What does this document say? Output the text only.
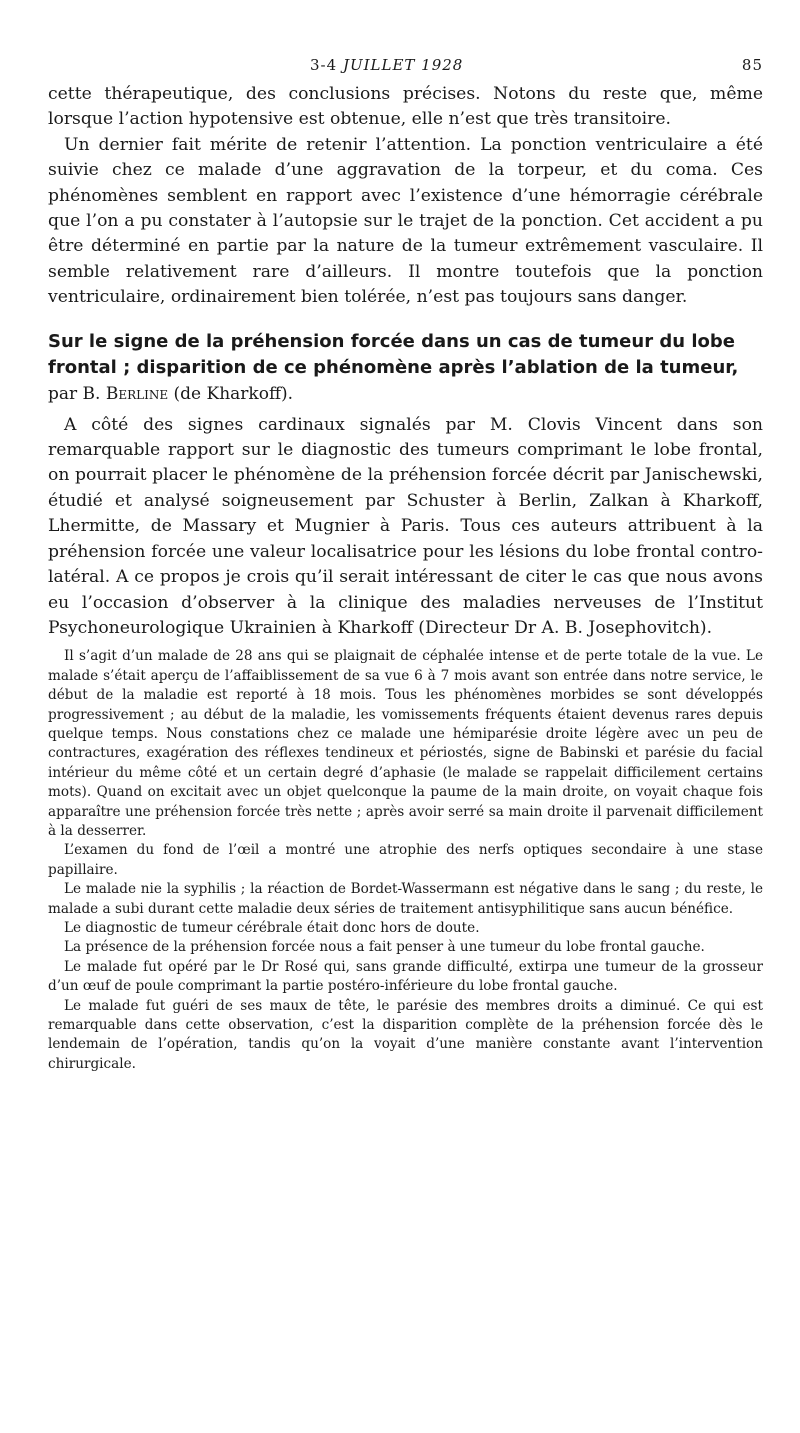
3-4 JUILLET 1928	85

cette thérapeutique, des conclusions précises. Notons du reste que, même lorsque l’action hypotensive est obtenue, elle n’est que très transitoire.

Un dernier fait mérite de retenir l’attention. La ponction ventriculaire a été suivie chez ce malade d’une aggravation de la torpeur, et du coma. Ces phénomènes semblent en rapport avec l’existence d’une hémorragie cérébrale que l’on a pu constater à l’autopsie sur le trajet de la ponction. Cet accident a pu être déterminé en partie par la nature de la tumeur extrêmement vasculaire. Il semble relativement rare d’ailleurs. Il montre toutefois que la ponction ventriculaire, ordinairement bien tolérée, n’est pas toujours sans danger.

Sur le signe de la préhension forcée dans un cas de tumeur du lobe frontal ; disparition de ce phénomène après l’ablation de la tumeur, par B. Berline (de Kharkoff).

A côté des signes cardinaux signalés par M. Clovis Vincent dans son remarquable rapport sur le diagnostic des tumeurs comprimant le lobe frontal, on pourrait placer le phénomène de la préhension forcée décrit par Janischewski, étudié et analysé soigneusement par Schuster à Berlin, Zalkan à Kharkoff, Lhermitte, de Massary et Mugnier à Paris. Tous ces auteurs attribuent à la préhension forcée une valeur localisatrice pour les lésions du lobe frontal contro-latéral. A ce propos je crois qu’il serait intéressant de citer le cas que nous avons eu l’occasion d’observer à la clinique des maladies nerveuses de l’Institut Psychoneurologique Ukrainien à Kharkoff (Directeur Dr A. B. Josephovitch).

Il s’agit d’un malade de 28 ans qui se plaignait de céphalée intense et de perte totale de la vue. Le malade s’était aperçu de l’affaiblissement de sa vue 6 à 7 mois avant son entrée dans notre service, le début de la maladie est reporté à 18 mois. Tous les phénomènes morbides se sont développés progressivement ; au début de la maladie, les vomissements fréquents étaient devenus rares depuis quelque temps. Nous constations chez ce malade une hémiparésie droite légère avec un peu de contractures, exagération des réflexes tendineux et périostés, signe de Babinski et parésie du facial intérieur du même côté et un certain degré d’aphasie (le malade se rappelait difficilement certains mots). Quand on excitait avec un objet quelconque la paume de la main droite, on voyait chaque fois apparaître une préhension forcée très nette ; après avoir serré sa main droite il parvenait difficilement à la desserrer.

L’examen du fond de l’œil a montré une atrophie des nerfs optiques secondaire à une stase papillaire.

Le malade nie la syphilis ; la réaction de Bordet-Wassermann est négative dans le sang ; du reste, le malade a subi durant cette maladie deux séries de traitement antisyphilitique sans aucun bénéfice.

Le diagnostic de tumeur cérébrale était donc hors de doute.

La présence de la préhension forcée nous a fait penser à une tumeur du lobe frontal gauche.

Le malade fut opéré par le Dr Rosé qui, sans grande difficulté, extirpa une tumeur de la grosseur d’un œuf de poule comprimant la partie postéro-inférieure du lobe frontal gauche.

Le malade fut guéri de ses maux de tête, le parésie des membres droits a diminué. Ce qui est remarquable dans cette observation, c’est la disparition complète de la préhension forcée dès le lendemain de l’opération, tandis qu’on la voyait d’une manière constante avant l’intervention chirurgicale.
